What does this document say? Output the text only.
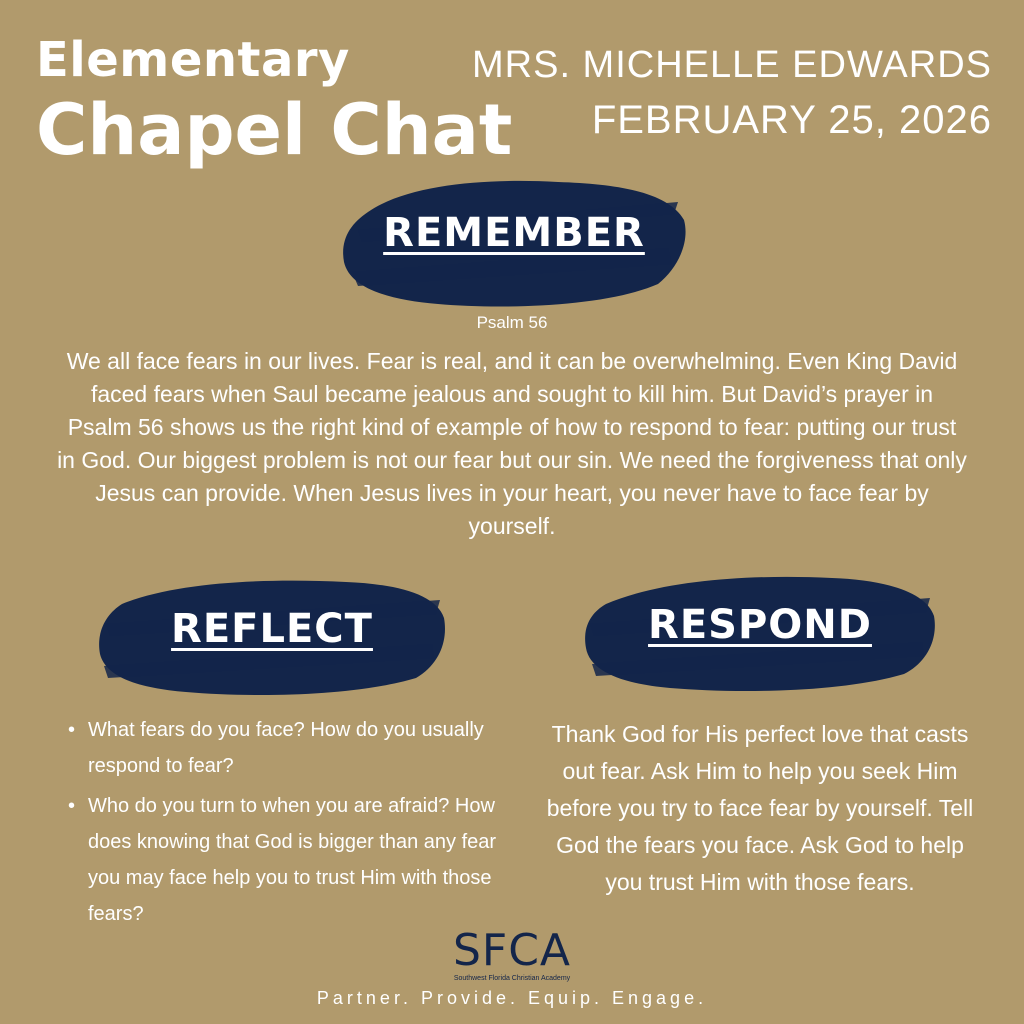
Elementary
Chapel Chat
MRS. MICHELLE EDWARDS
FEBRUARY 25, 2026
REMEMBER
Psalm 56
We all face fears in our lives. Fear is real, and it can be overwhelming. Even King David faced fears when Saul became jealous and sought to kill him. But David’s prayer in Psalm 56 shows us the right kind of example of how to respond to fear: putting our trust in God. Our biggest problem is not our fear but our sin. We need the forgiveness that only Jesus can provide. When Jesus lives in your heart, you never have to face fear by yourself.
REFLECT	RESPOND
• What fears do you face? How do you usually respond to fear?
• Who do you turn to when you are afraid? How does knowing that God is bigger than any fear you may face help you to trust Him with those fears?
Thank God for His perfect love that casts out fear. Ask Him to help you seek Him before you try to face fear by yourself. Tell God the fears you face. Ask God to help you trust Him with those fears.
SFCA
Southwest Florida Christian Academy
Partner. Provide. Equip. Engage.
